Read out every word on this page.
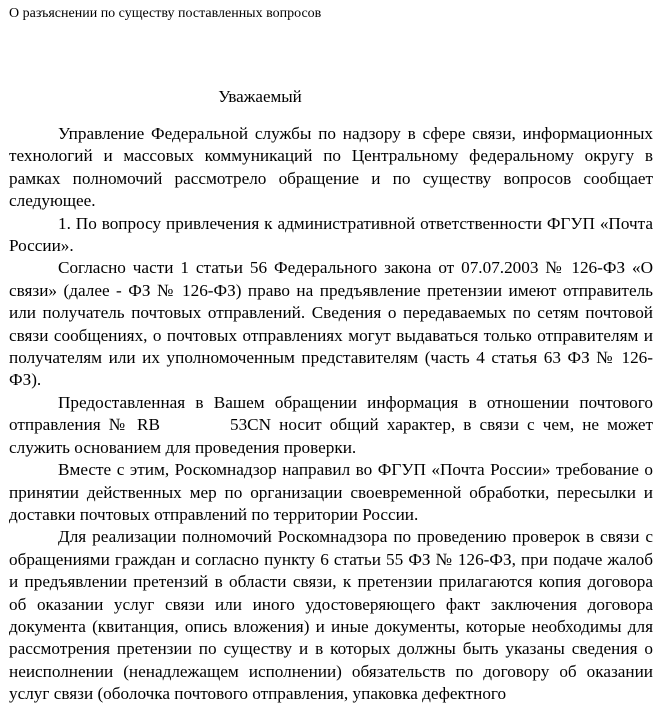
О разъяснении по существу поставленных вопросов
Уважаемый

Управление Федеральной службы по надзору в сфере связи, информационных технологий и массовых коммуникаций по Центральному федеральному округу в рамках полномочий рассмотрело обращение и по существу вопросов сообщает следующее.

1. По вопросу привлечения к административной ответственности ФГУП «Почта России».

Согласно части 1 статьи 56 Федерального закона от 07.07.2003 № 126-ФЗ «О связи» (далее - ФЗ № 126-ФЗ) право на предъявление претензии имеют отправитель или получатель почтовых отправлений. Сведения о передаваемых по сетям почтовой связи сообщениях, о почтовых отправлениях могут выдаваться только отправителям и получателям или их уполномоченным представителям (часть 4 статья 63 ФЗ № 126-ФЗ).

Предоставленная в Вашем обращении информация в отношении почтового отправления № RB	53CN носит общий характер, в связи с чем, не может служить основанием для проведения проверки.

Вместе с этим, Роскомнадзор направил во ФГУП «Почта России» требование о принятии действенных мер по организации своевременной обработки, пересылки и доставки почтовых отправлений по территории России.

Для реализации полномочий Роскомнадзора по проведению проверок в связи с обращениями граждан и согласно пункту 6 статьи 55 ФЗ № 126-ФЗ, при подаче жалоб и предъявлении претензий в области связи, к претензии прилагаются копия договора об оказании услуг связи или иного удостоверяющего факт заключения договора документа (квитанция, опись вложения) и иные документы, которые необходимы для рассмотрения претензии по существу и в которых должны быть указаны сведения о неисполнении (ненадлежащем исполнении) обязательств по договору об оказании услуг связи (оболочка почтового отправления, упаковка дефектного
